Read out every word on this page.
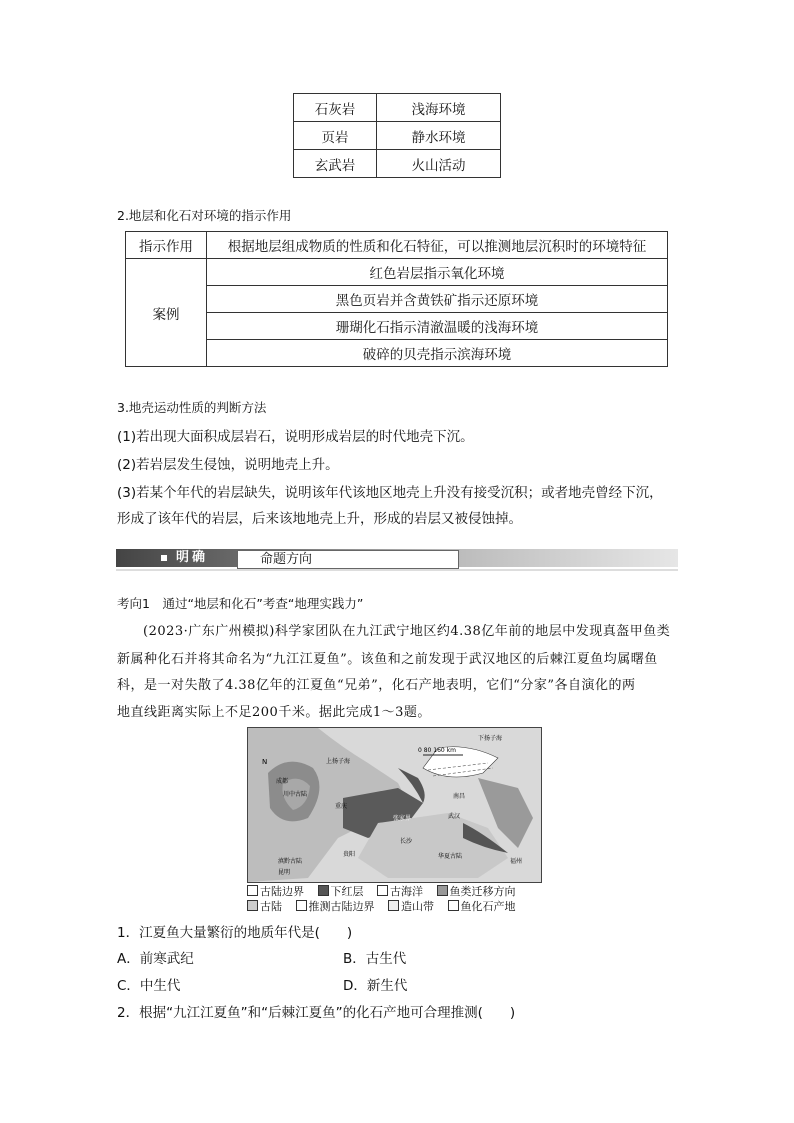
石灰岩	浅海环境
页岩	静水环境
玄武岩	火山活动
2.地层和化石对环境的指示作用
指示作用	根据地层组成物质的性质和化石特征，可以推测地层沉积时的环境特征
案例	红色岩层指示氧化环境
	黑色页岩并含黄铁矿指示还原环境
	珊瑚化石指示清澈温暖的浅海环境
	破碎的贝壳指示滨海环境
3.地壳运动性质的判断方法
(1)若出现大面积成层岩石，说明形成岩层的时代地壳下沉。
(2)若岩层发生侵蚀，说明地壳上升。
(3)若某个年代的岩层缺失，说明该年代该地区地壳上升没有接受沉积；或者地壳曾经下沉，
形成了该年代的岩层，后来该地地壳上升，形成的岩层又被侵蚀掉。
明确	命题方向
考向1　通过“地层和化石”考查“地理实践力”
(2023·广东广州模拟)科学家团队在九江武宁地区约4.38亿年前的地层中发现真盔甲鱼类
新属种化石并将其命名为“九江江夏鱼”。该鱼和之前发现于武汉地区的后棘江夏鱼均属曙鱼
科，是一对失散了4.38亿年的江夏鱼“兄弟”，化石产地表明，它们“分家”各自演化的两
地直线距离实际上不足200千米。据此完成1～3题。
0 80 160 km
下扬子海
上扬子海
N
成都
川中古陆
重庆
张家界
长沙
武汉
南昌
华夏古陆
贵阳
滇黔古陆
昆明
福州
古陆边界 下红层 古海洋 鱼类迁移方向
古陆 推测古陆边界 造山带 鱼化石产地
1．江夏鱼大量繁衍的地质年代是(　　)
A．前寒武纪	B．古生代
C．中生代	D．新生代
2．根据“九江江夏鱼”和“后棘江夏鱼”的化石产地可合理推测(　　)
